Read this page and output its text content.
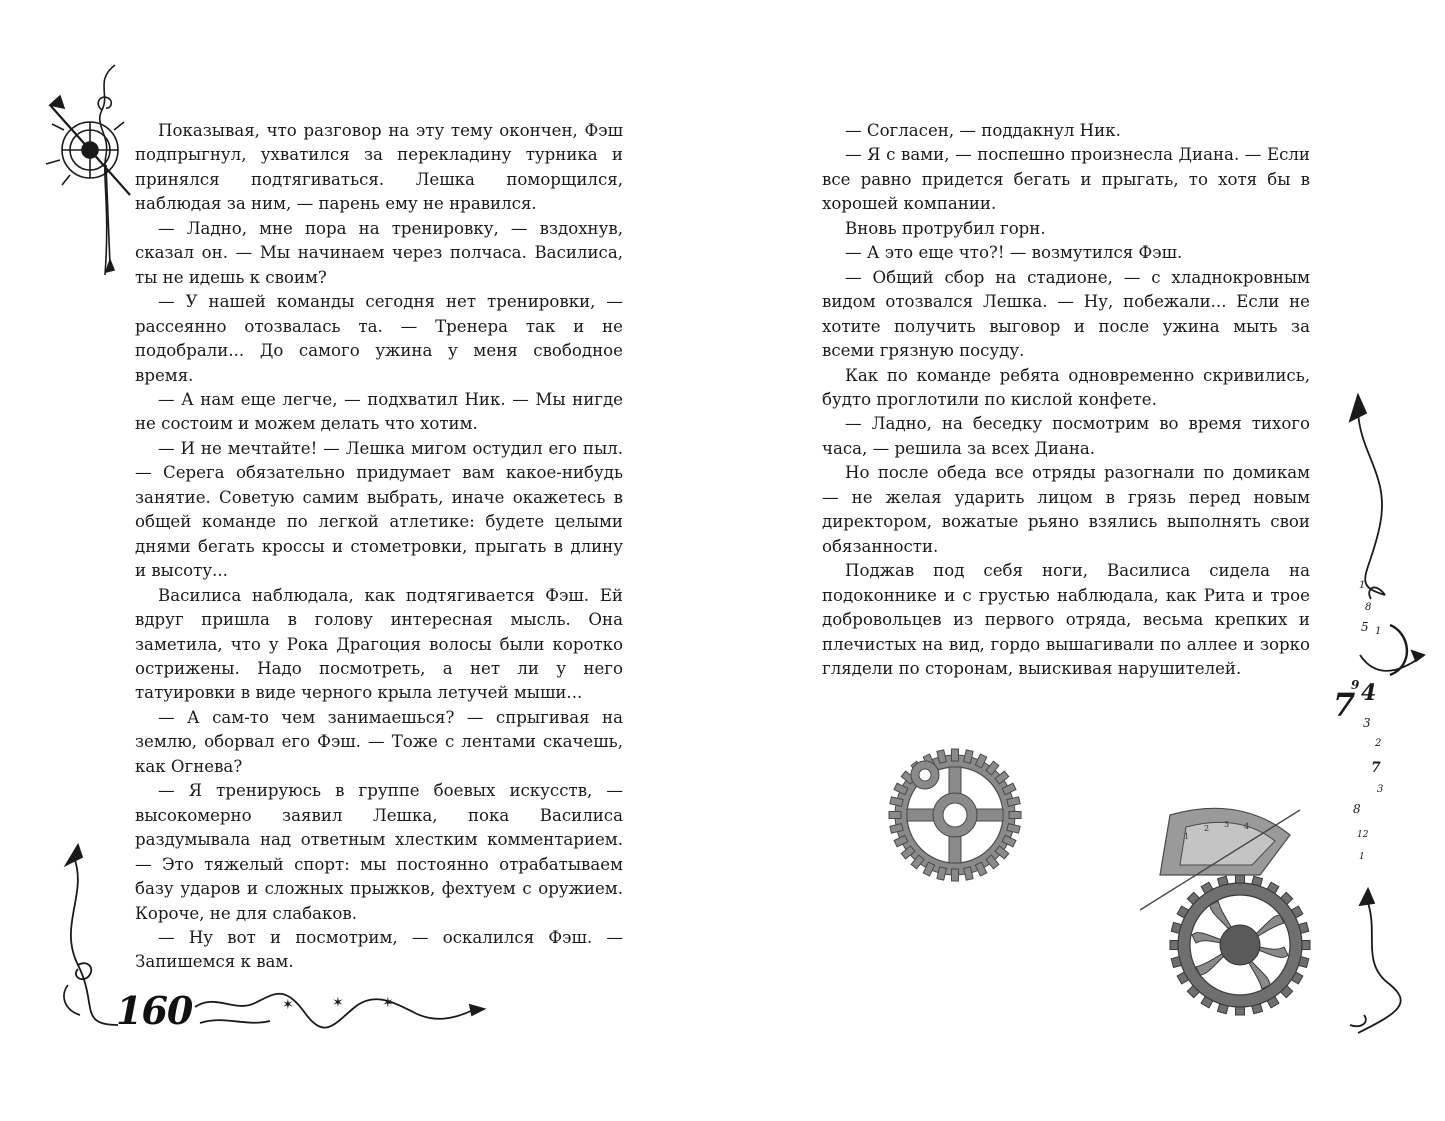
Показывая, что разговор на эту тему окончен, Фэш подпрыгнул, ухватился за перекладину турника и принялся подтягиваться. Лешка поморщился, наблюдая за ним, — парень ему не нравился.

— Ладно, мне пора на тренировку, — вздохнув, сказал он. — Мы начинаем через полчаса. Василиса, ты не идешь к своим?

— У нашей команды сегодня нет тренировки, — рассеянно отозвалась та. — Тренера так и не подобрали... До самого ужина у меня свободное время.

— А нам еще легче, — подхватил Ник. — Мы нигде не состоим и можем делать что хотим.

— И не мечтайте! — Лешка мигом остудил его пыл. — Серега обязательно придумает вам какое-нибудь занятие. Советую самим выбрать, иначе окажетесь в общей команде по легкой атлетике: будете целыми днями бегать кроссы и стометровки, прыгать в длину и высоту...

Василиса наблюдала, как подтягивается Фэш. Ей вдруг пришла в голову интересная мысль. Она заметила, что у Рока Драгоция волосы были коротко острижены. Надо посмотреть, а нет ли у него татуировки в виде черного крыла летучей мыши...

— А сам-то чем занимаешься? — спрыгивая на землю, оборвал его Фэш. — Тоже с лентами скачешь, как Огнева?

— Я тренируюсь в группе боевых искусств, — высокомерно заявил Лешка, пока Василиса раздумывала над ответным хлестким комментарием. — Это тяжелый спорт: мы постоянно отрабатываем базу ударов и сложных прыжков, фехтуем с оружием. Короче, не для слабаков.

— Ну вот и посмотрим, — оскалился Фэш. — Запишемся к вам.

— Согласен, — поддакнул Ник.

— Я с вами, — поспешно произнесла Диана. — Если все равно придется бегать и прыгать, то хотя бы в хорошей компании.

Вновь протрубил горн.

— А это еще что?! — возмутился Фэш.

— Общий сбор на стадионе, — с хладнокровным видом отозвался Лешка. — Ну, побежали... Если не хотите получить выговор и после ужина мыть за всеми грязную посуду.

Как по команде ребята одновременно скривились, будто проглотили по кислой конфете.

— Ладно, на беседку посмотрим во время тихого часа, — решила за всех Диана.

Но после обеда все отряды разогнали по домикам — не желая ударить лицом в грязь перед новым директором, вожатые рьяно взялись выполнять свои обязанности.

Поджав под себя ноги, Василиса сидела на подоконнике и с грустью наблюдала, как Рита и трое добровольцев из первого отряда, весьма крепких и плечистых на вид, гордо вышагивали по аллее и зорко глядели по сторонам, выискивая нарушителей.

160	✶	✶	✶
1
8
5 1
9 4
7 3
2
7
3
8
12
1
1
2 3 4
